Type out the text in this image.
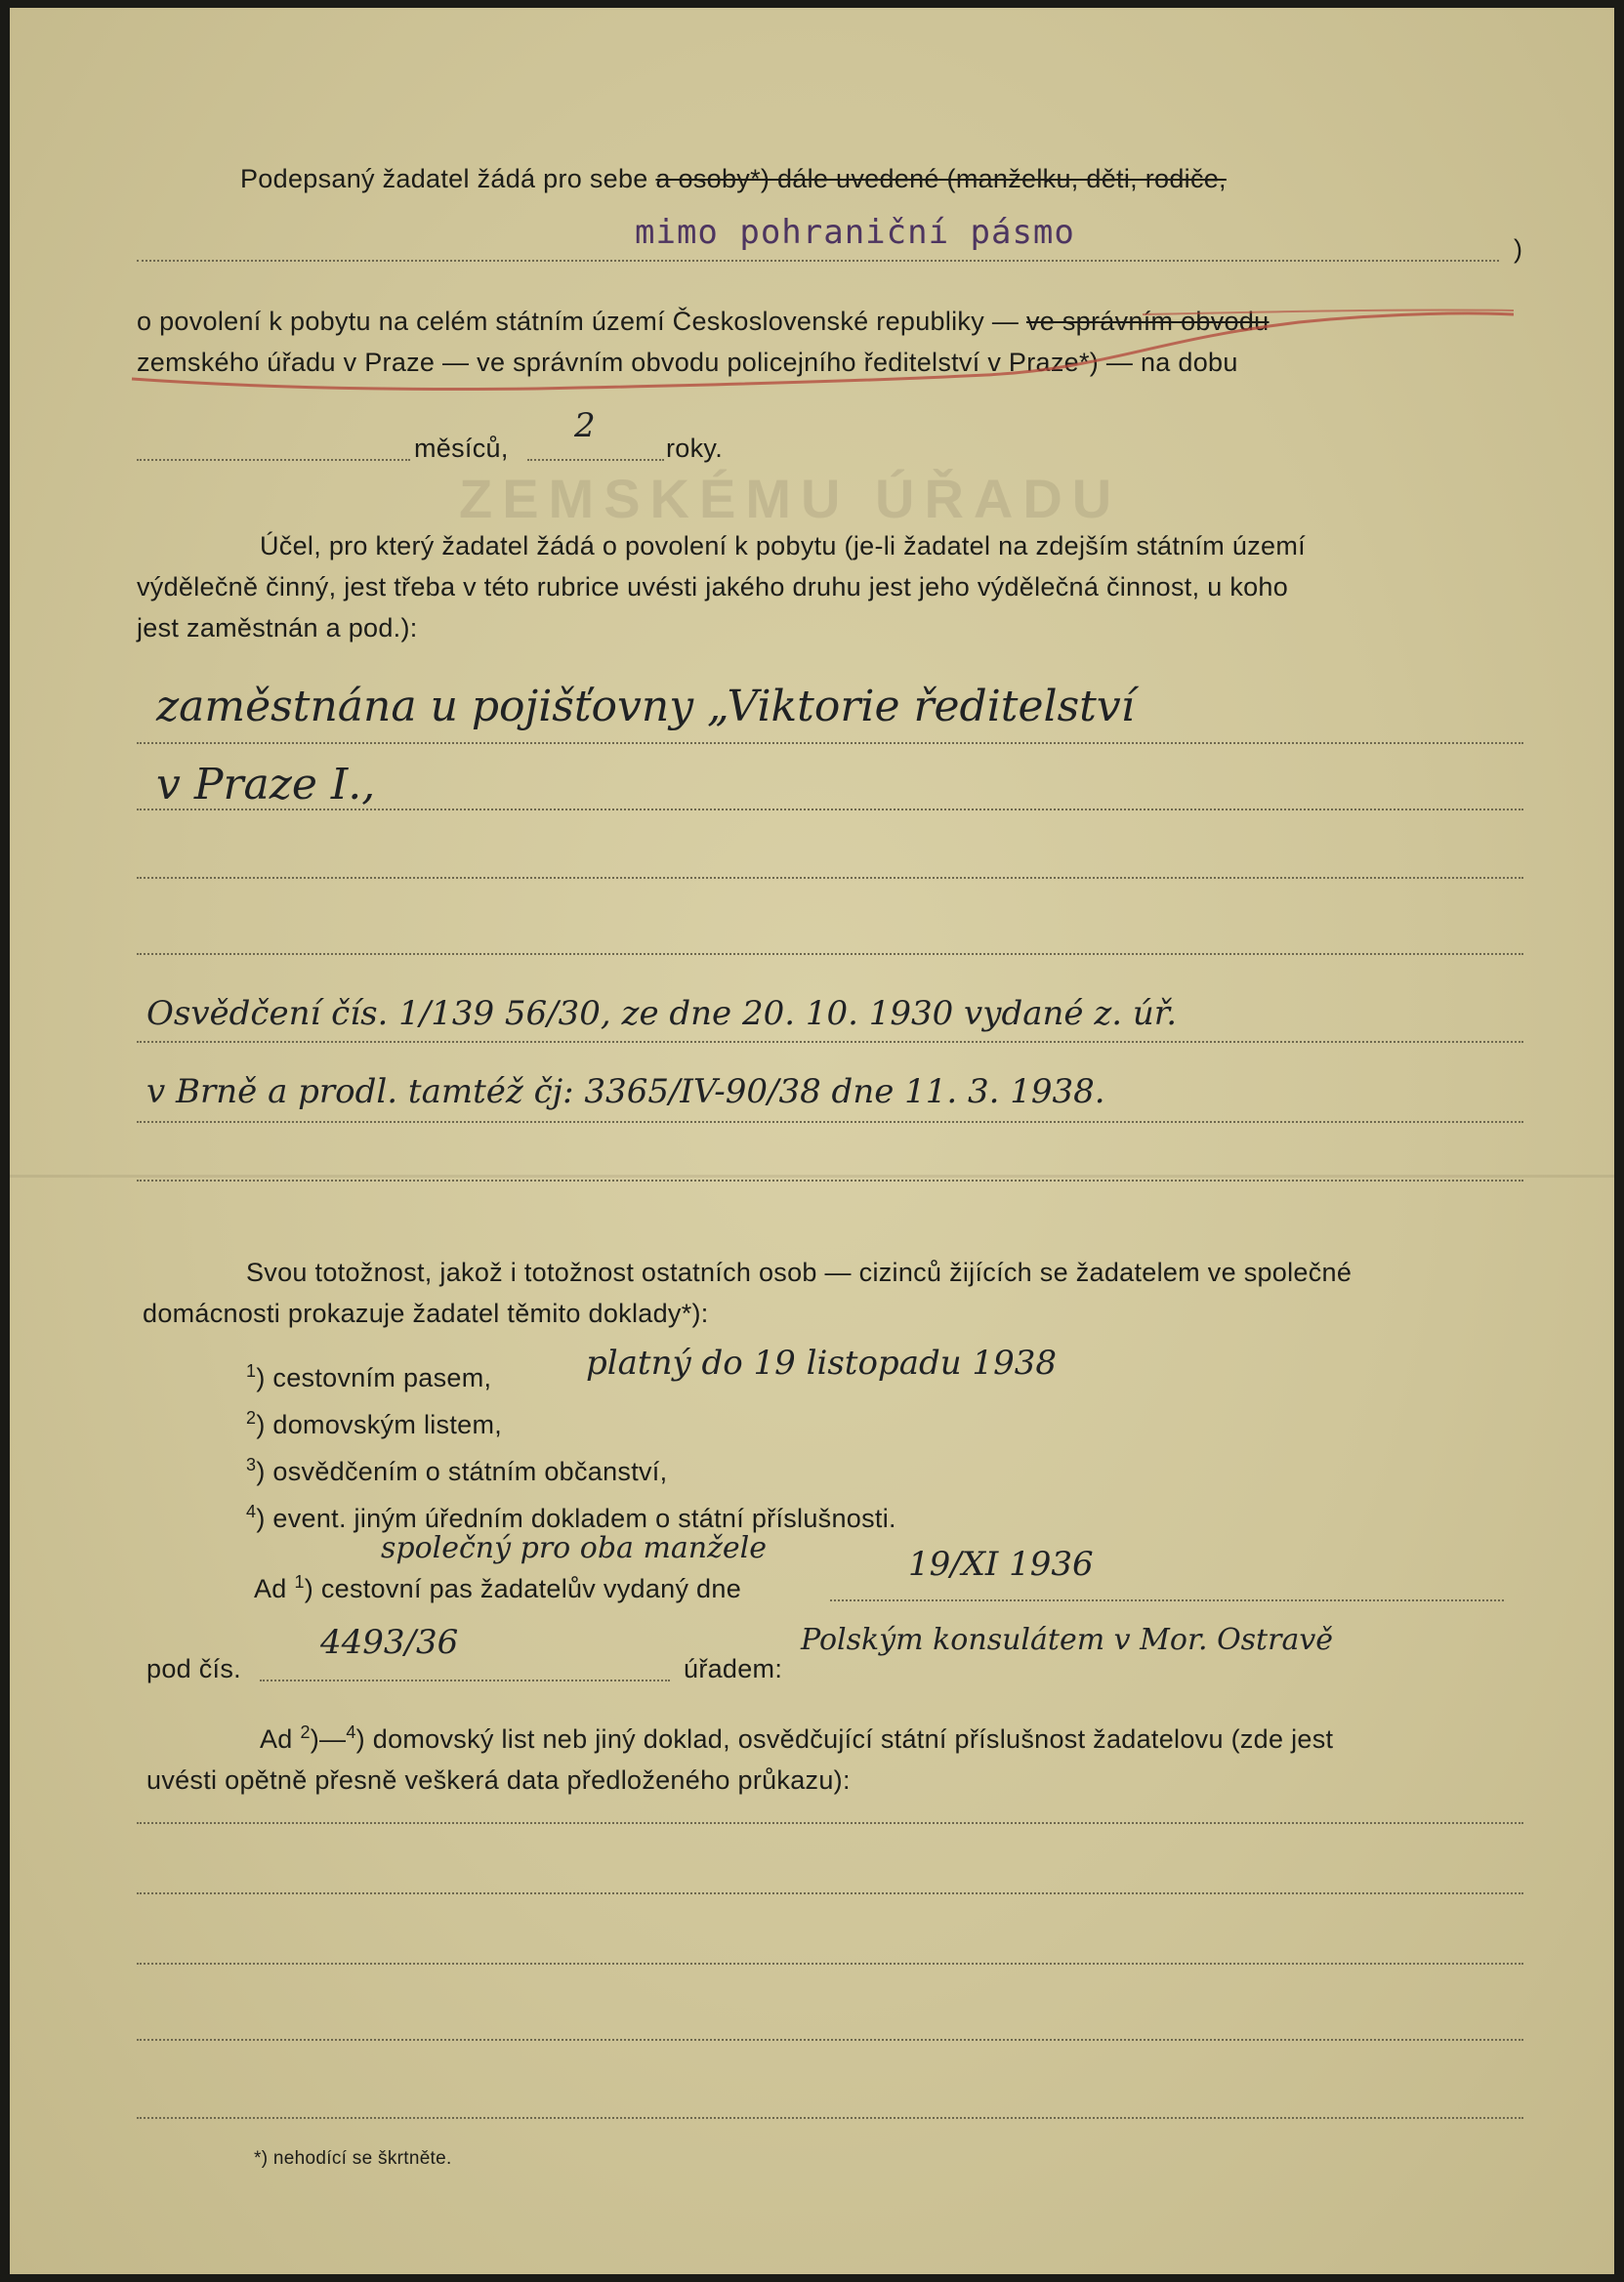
ZEMSKÉMU ÚŘADU
Podepsaný žadatel žádá pro sebe a osoby*) dále uvedené (manželku, děti, rodiče,
mimo pohraniční pásmo	)
o povolení k pobytu na celém státním území Československé republiky — ve správním obvodu
zemského úřadu v Praze — ve správním obvodu policejního ředitelství v Praze*) — na dobu
měsíců,
2
roky.
Účel, pro který žadatel žádá o povolení k pobytu (je-li žadatel na zdejším státním území
výdělečně činný, jest třeba v této rubrice uvésti jakého druhu jest jeho výdělečná činnost, u koho
jest zaměstnán a pod.):
zaměstnána u pojišťovny „Viktorie ředitelství
v Praze I.,
Osvědčení čís. 1/139 56/30, ze dne 20. 10. 1930 vydané z. úř.
v Brně a prodl. tamtéž čj: 3365/IV-90/38 dne 11. 3. 1938.
Svou totožnost, jakož i totožnost ostatních osob — cizinců žijících se žadatelem ve společné
domácnosti prokazuje žadatel těmito doklady*):
$^1$) cestovním pasem,	platný do 19 listopadu 1938
$^2$) domovským listem,
$^3$) osvědčením o státním občanství,
$^4$) event. jiným úředním dokladem o státní příslušnosti.
společný pro oba manžele
Ad $^1$) cestovní pas žadatelův vydaný dne
19/XI 1936
pod čís.
4493/36
úřadem:
Polským konsulátem v Mor. Ostravě
Ad $^2$)—$^4$) domovský list neb jiný doklad, osvědčující státní příslušnost žadatelovu (zde jest
uvésti opětně přesně veškerá data předloženého průkazu):
*) nehodící se škrtněte.
